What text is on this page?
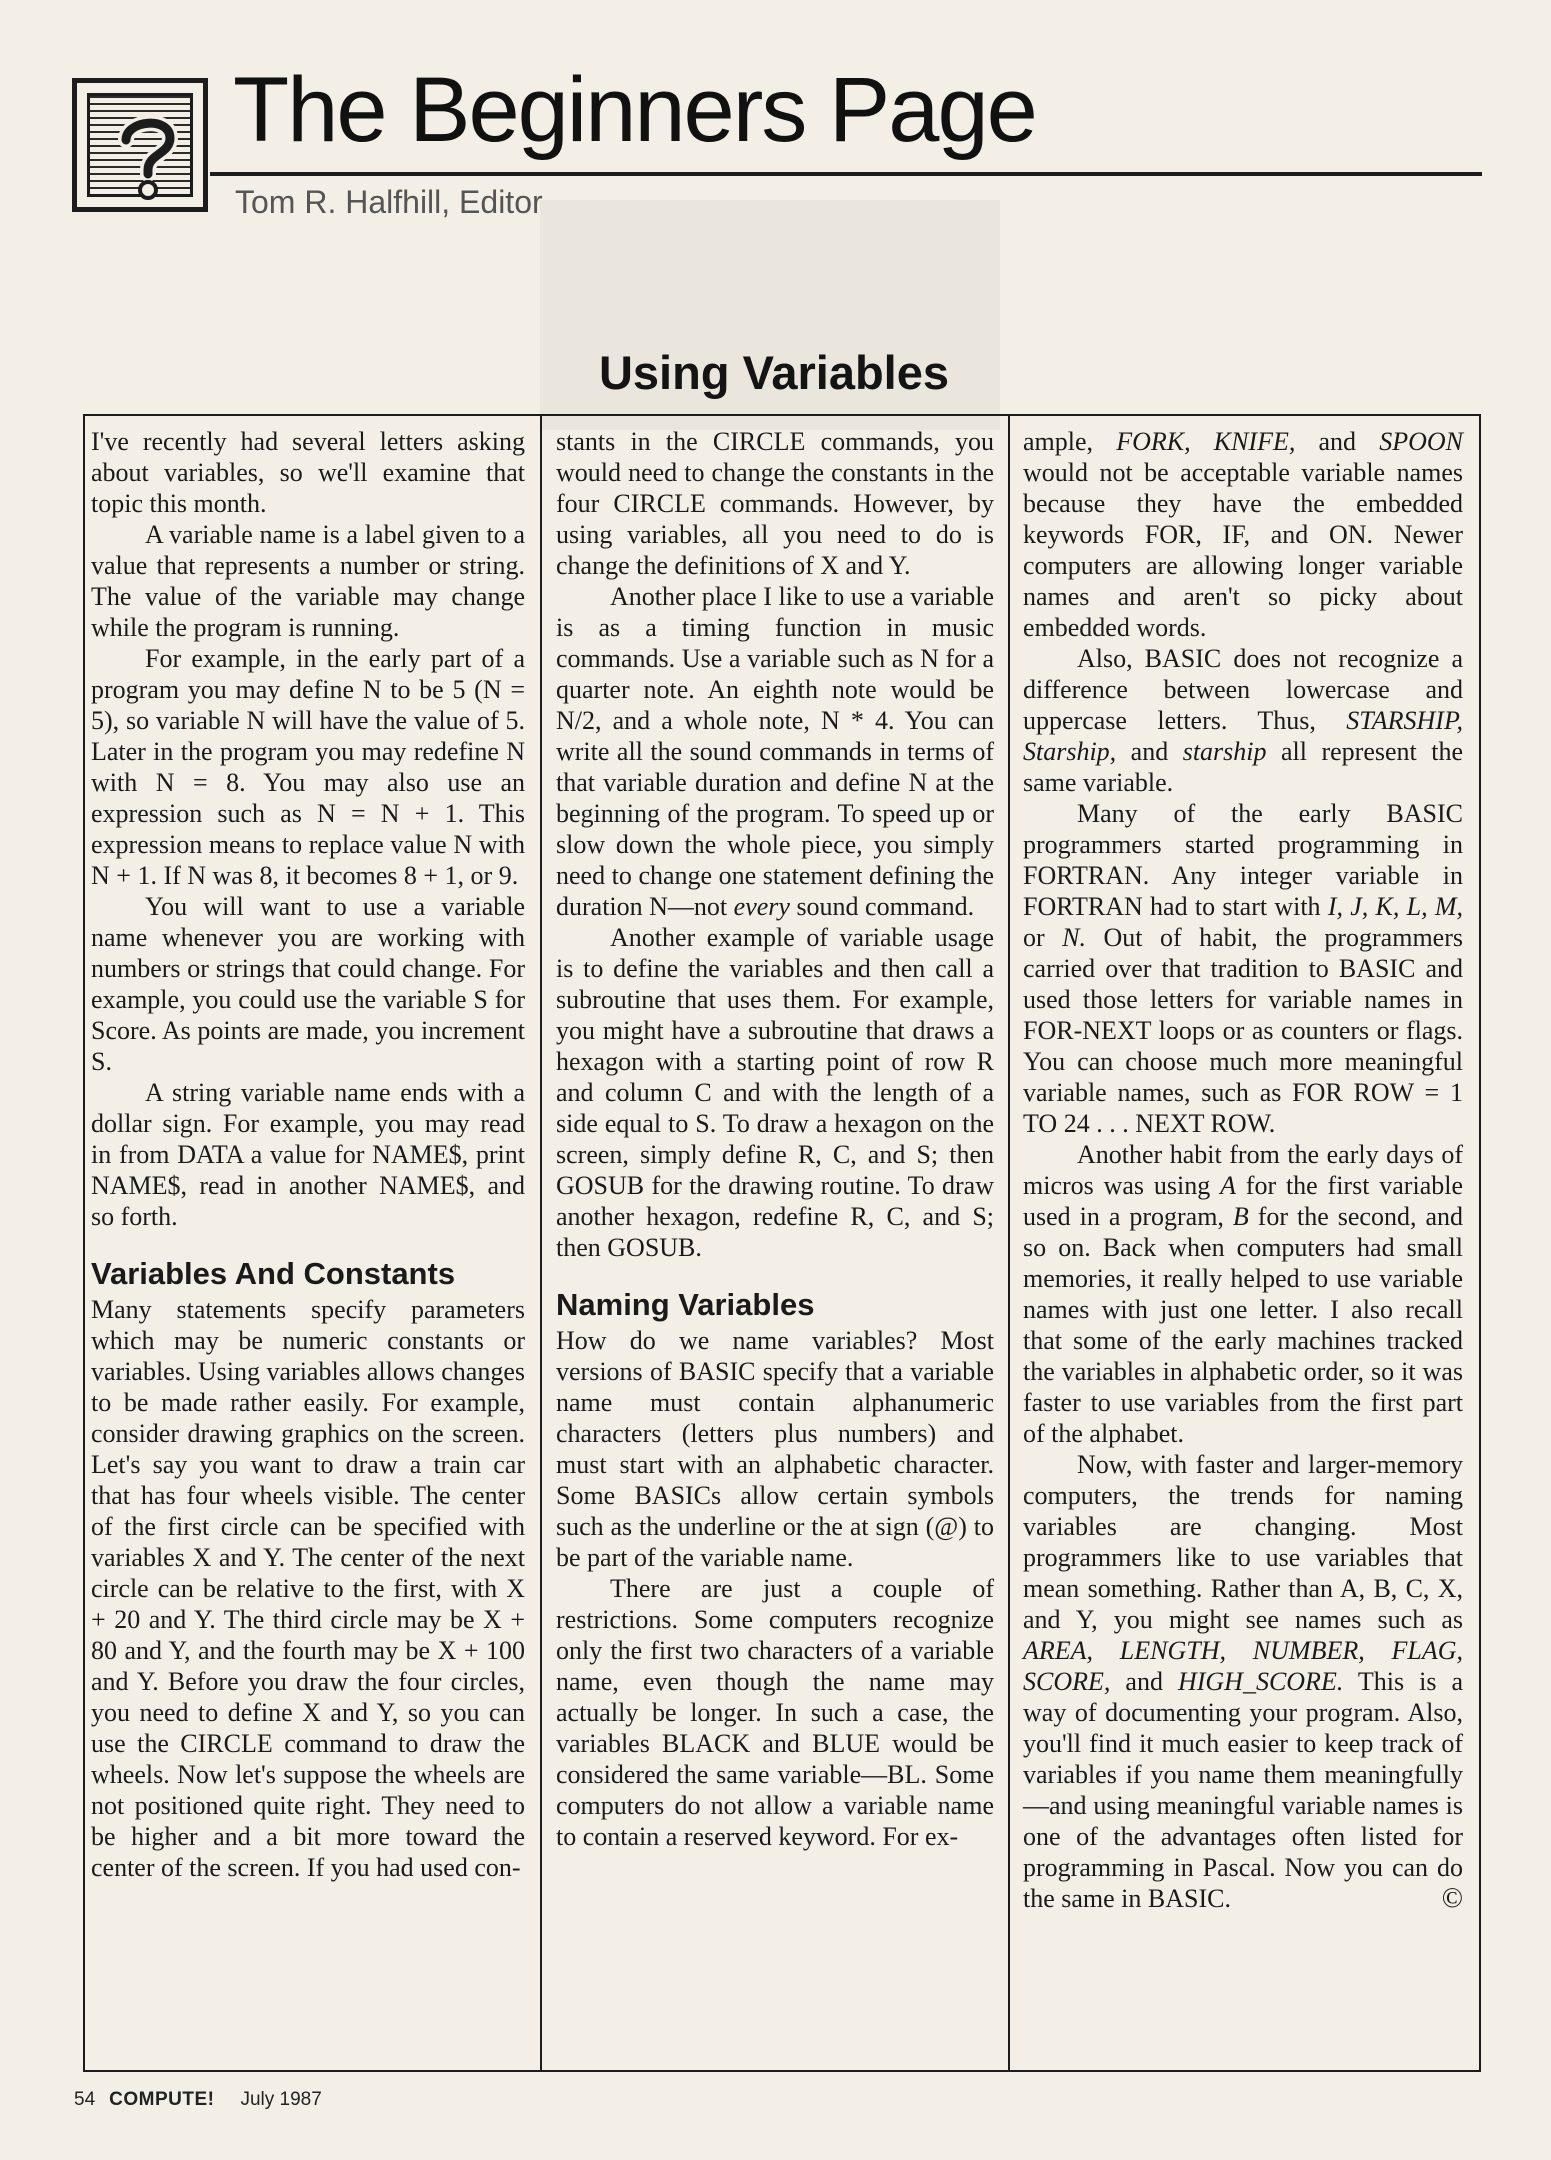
The Beginners Page
Tom R. Halfhill, Editor
Using Variables

I've recently had several letters asking about variables, so we'll examine that topic this month.

A variable name is a label given to a value that represents a number or string. The value of the variable may change while the program is running.

For example, in the early part of a program you may define N to be 5 (N = 5), so variable N will have the value of 5. Later in the program you may redefine N with N = 8. You may also use an expression such as N = N + 1. This expression means to replace value N with N + 1. If N was 8, it becomes 8 + 1, or 9.

You will want to use a variable name whenever you are working with numbers or strings that could change. For example, you could use the variable S for Score. As points are made, you increment S.

A string variable name ends with a dollar sign. For example, you may read in from DATA a value for NAME$, print NAME$, read in another NAME$, and so forth.

Variables And Constants

Many statements specify parameters which may be numeric constants or variables. Using variables allows changes to be made rather easily. For example, consider drawing graphics on the screen. Let's say you want to draw a train car that has four wheels visible. The center of the first circle can be specified with variables X and Y. The center of the next circle can be relative to the first, with X + 20 and Y. The third circle may be X + 80 and Y, and the fourth may be X + 100 and Y. Before you draw the four circles, you need to define X and Y, so you can use the CIRCLE command to draw the wheels. Now let's suppose the wheels are not positioned quite right. They need to be higher and a bit more toward the center of the screen. If you had used con-

stants in the CIRCLE commands, you would need to change the constants in the four CIRCLE commands. However, by using variables, all you need to do is change the definitions of X and Y.

Another place I like to use a variable is as a timing function in music commands. Use a variable such as N for a quarter note. An eighth note would be N/2, and a whole note, N * 4. You can write all the sound commands in terms of that variable duration and define N at the beginning of the program. To speed up or slow down the whole piece, you simply need to change one statement defining the duration N—not every sound command.

Another example of variable usage is to define the variables and then call a subroutine that uses them. For example, you might have a subroutine that draws a hexagon with a starting point of row R and column C and with the length of a side equal to S. To draw a hexagon on the screen, simply define R, C, and S; then GOSUB for the drawing routine. To draw another hexagon, redefine R, C, and S; then GOSUB.

Naming Variables

How do we name variables? Most versions of BASIC specify that a variable name must contain alphanumeric characters (letters plus numbers) and must start with an alphabetic character. Some BASICs allow certain symbols such as the underline or the at sign (@) to be part of the variable name.

There are just a couple of restrictions. Some computers recognize only the first two characters of a variable name, even though the name may actually be longer. In such a case, the variables BLACK and BLUE would be considered the same variable—BL. Some computers do not allow a variable name to contain a reserved keyword. For ex-

ample, FORK, KNIFE, and SPOON would not be acceptable variable names because they have the embedded keywords FOR, IF, and ON. Newer computers are allowing longer variable names and aren't so picky about embedded words.

Also, BASIC does not recognize a difference between lowercase and uppercase letters. Thus, STARSHIP, Starship, and starship all represent the same variable.

Many of the early BASIC programmers started programming in FORTRAN. Any integer variable in FORTRAN had to start with I, J, K, L, M, or N. Out of habit, the programmers carried over that tradition to BASIC and used those letters for variable names in FOR-NEXT loops or as counters or flags. You can choose much more meaningful variable names, such as FOR ROW = 1 TO 24 . . . NEXT ROW.

Another habit from the early days of micros was using A for the first variable used in a program, B for the second, and so on. Back when computers had small memories, it really helped to use variable names with just one letter. I also recall that some of the early machines tracked the variables in alphabetic order, so it was faster to use variables from the first part of the alphabet.

Now, with faster and larger-memory computers, the trends for naming variables are changing. Most programmers like to use variables that mean something. Rather than A, B, C, X, and Y, you might see names such as AREA, LENGTH, NUMBER, FLAG, SCORE, and HIGH_SCORE. This is a way of documenting your program. Also, you'll find it much easier to keep track of variables if you name them meaningfully—and using meaningful variable names is one of the advantages often listed for programming in Pascal. Now you can do the same in BASIC.	©

54 COMPUTE! July 1987
